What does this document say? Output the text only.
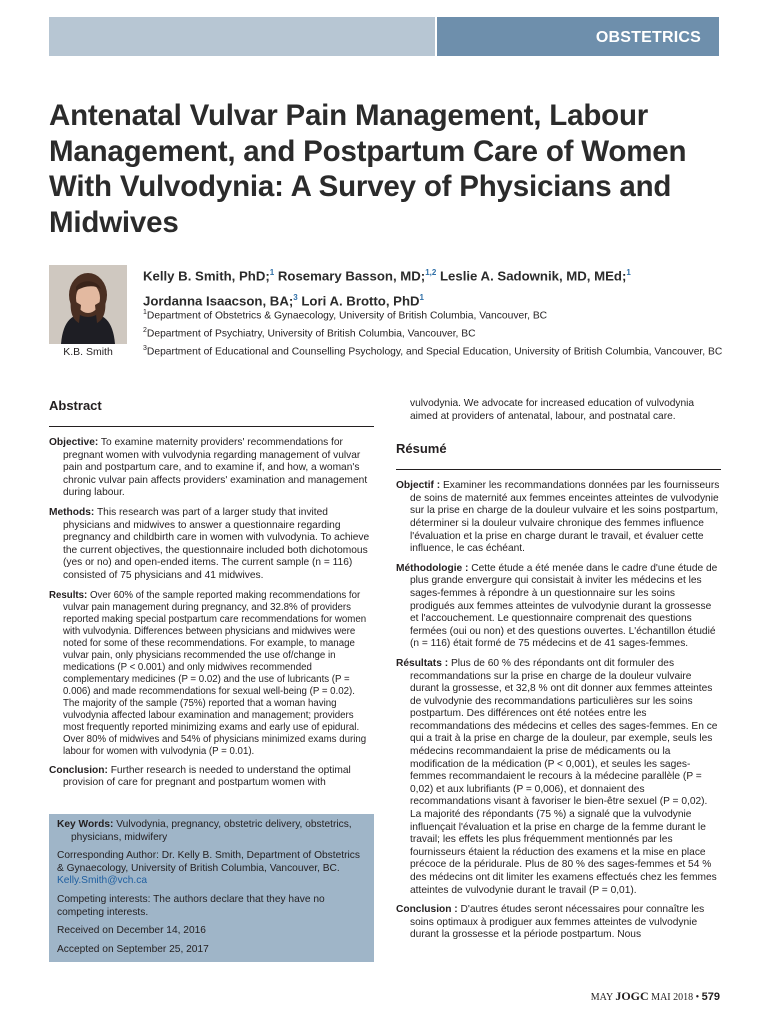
OBSTETRICS
Antenatal Vulvar Pain Management, Labour Management, and Postpartum Care of Women With Vulvodynia: A Survey of Physicians and Midwives
K.B. Smith
Kelly B. Smith, PhD;$^1$ Rosemary Basson, MD;$^{1,2}$ Leslie A. Sadownik, MD, MEd;$^1$
Jordanna Isaacson, BA;$^3$ Lori A. Brotto, PhD$^1$
$^1$Department of Obstetrics & Gynaecology, University of British Columbia, Vancouver, BC
$^2$Department of Psychiatry, University of British Columbia, Vancouver, BC
$^3$Department of Educational and Counselling Psychology, and Special Education, University of British Columbia, Vancouver, BC
Abstract

Objective: To examine maternity providers' recommendations for pregnant women with vulvodynia regarding management of vulvar pain and postpartum care, and to examine if, and how, a woman's chronic vulvar pain affects providers' examination and management during labour.

Methods: This research was part of a larger study that invited physicians and midwives to answer a questionnaire regarding pregnancy and childbirth care in women with vulvodynia. To achieve the current objectives, the questionnaire included both dichotomous (yes or no) and open-ended items. The current sample (n = 116) consisted of 75 physicians and 41 midwives.

Results: Over 60% of the sample reported making recommendations for vulvar pain management during pregnancy, and 32.8% of providers reported making special postpartum care recommendations for women with vulvodynia. Differences between physicians and midwives were noted for some of these recommendations. For example, to manage vulvar pain, only physicians recommended the use of/change in medications (P < 0.001) and only midwives recommended complementary medicines (P = 0.02) and the use of lubricants (P = 0.006) and made recommendations for sexual well-being (P = 0.02). The majority of the sample (75%) reported that a woman having vulvodynia affected labour examination and management; providers most frequently reported minimizing exams and early use of epidural. Over 80% of midwives and 54% of physicians minimized exams during labour for women with vulvodynia (P = 0.01).

Conclusion: Further research is needed to understand the optimal provision of care for pregnant and postpartum women with

Key Words: Vulvodynia, pregnancy, obstetric delivery, obstetrics, physicians, midwifery

Corresponding Author: Dr. Kelly B. Smith, Department of Obstetrics & Gynaecology, University of British Columbia, Vancouver, BC. Kelly.Smith@vch.ca

Competing interests: The authors declare that they have no competing interests.

Received on December 14, 2016

Accepted on September 25, 2017

vulvodynia. We advocate for increased education of vulvodynia aimed at providers of antenatal, labour, and postnatal care.

Résumé

Objectif : Examiner les recommandations données par les fournisseurs de soins de maternité aux femmes enceintes atteintes de vulvodynie sur la prise en charge de la douleur vulvaire et les soins postpartum, déterminer si la douleur vulvaire chronique des femmes influence l'évaluation et la prise en charge durant le travail, et évaluer cette influence, le cas échéant.

Méthodologie : Cette étude a été menée dans le cadre d'une étude de plus grande envergure qui consistait à inviter les médecins et les sages-femmes à répondre à un questionnaire sur les soins prodigués aux femmes atteintes de vulvodynie durant la grossesse et l'accouchement. Le questionnaire comprenait des questions fermées (oui ou non) et des questions ouvertes. L'échantillon étudié (n = 116) était formé de 75 médecins et de 41 sages-femmes.

Résultats : Plus de 60 % des répondants ont dit formuler des recommandations sur la prise en charge de la douleur vulvaire durant la grossesse, et 32,8 % ont dit donner aux femmes atteintes de vulvodynie des recommandations particulières sur les soins postpartum. Des différences ont été notées entre les recommandations des médecins et celles des sages-femmes. En ce qui a trait à la prise en charge de la douleur, par exemple, seuls les médecins recommandaient la prise de médicaments ou la modification de la médication (P < 0,001), et seules les sages-femmes recommandaient le recours à la médecine parallèle (P = 0,02) et aux lubrifiants (P = 0,006), et donnaient des recommandations visant à favoriser le bien-être sexuel (P = 0,02). La majorité des répondants (75 %) a signalé que la vulvodynie influençait l'évaluation et la prise en charge de la femme durant le travail; les effets les plus fréquemment mentionnés par les fournisseurs étaient la réduction des examens et la mise en place précoce de la péridurale. Plus de 80 % des sages-femmes et 54 % des médecins ont dit limiter les examens effectués chez les femmes atteintes de vulvodynie durant le travail (P = 0,01).

Conclusion : D'autres études seront nécessaires pour connaître les soins optimaux à prodiguer aux femmes atteintes de vulvodynie durant la grossesse et la période postpartum. Nous

MAY JOGC MAI 2018 • 579
